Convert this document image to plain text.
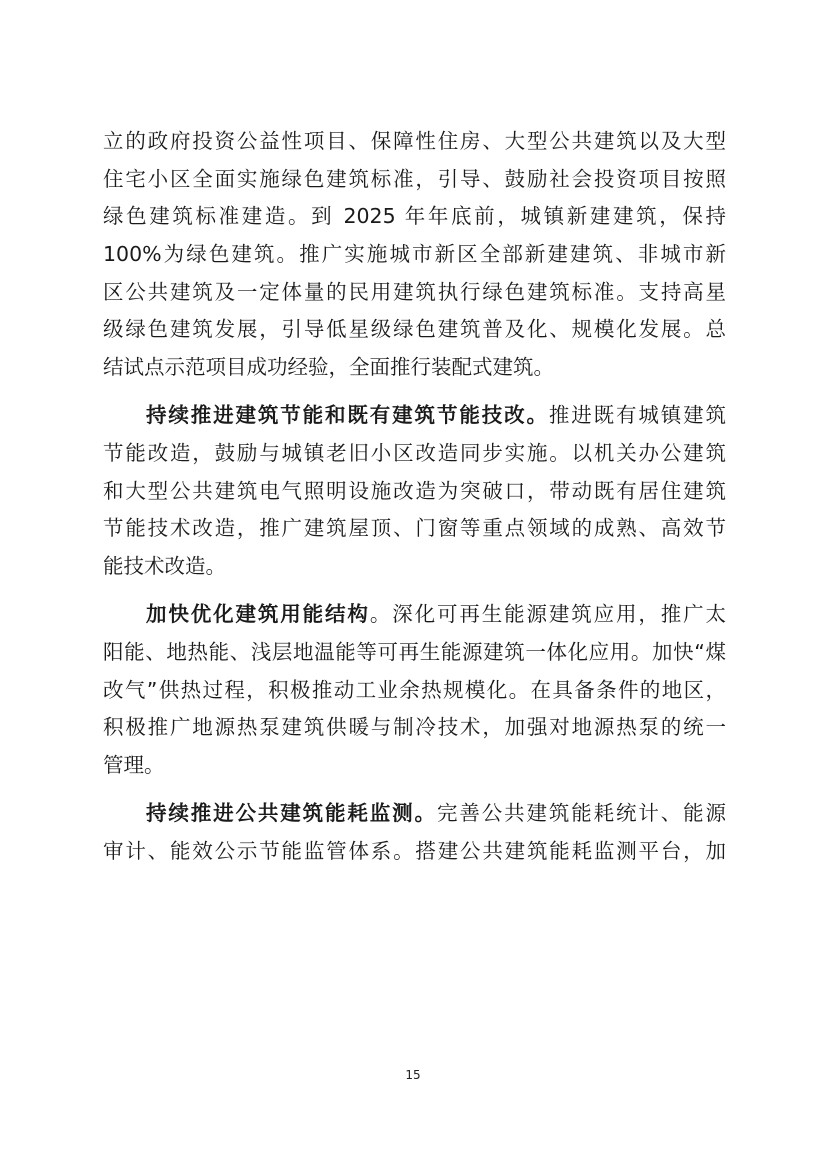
立的政府投资公益性项目、保障性住房、大型公共建筑以及大型
住宅小区全面实施绿色建筑标准，引导、鼓励社会投资项目按照
绿色建筑标准建造。到 2025 年年底前，城镇新建建筑，保持
100%为绿色建筑。推广实施城市新区全部新建建筑、非城市新
区公共建筑及一定体量的民用建筑执行绿色建筑标准。支持高星
级绿色建筑发展，引导低星级绿色建筑普及化、规模化发展。总
结试点示范项目成功经验，全面推行装配式建筑。
持续推进建筑节能和既有建筑节能技改。推进既有城镇建筑
节能改造，鼓励与城镇老旧小区改造同步实施。以机关办公建筑
和大型公共建筑电气照明设施改造为突破口，带动既有居住建筑
节能技术改造，推广建筑屋顶、门窗等重点领域的成熟、高效节
能技术改造。
加快优化建筑用能结构。深化可再生能源建筑应用，推广太
阳能、地热能、浅层地温能等可再生能源建筑一体化应用。加快“煤
改气”供热过程，积极推动工业余热规模化。在具备条件的地区，
积极推广地源热泵建筑供暖与制冷技术，加强对地源热泵的统一
管理。
持续推进公共建筑能耗监测。完善公共建筑能耗统计、能源
审计、能效公示节能监管体系。搭建公共建筑能耗监测平台，加
15
